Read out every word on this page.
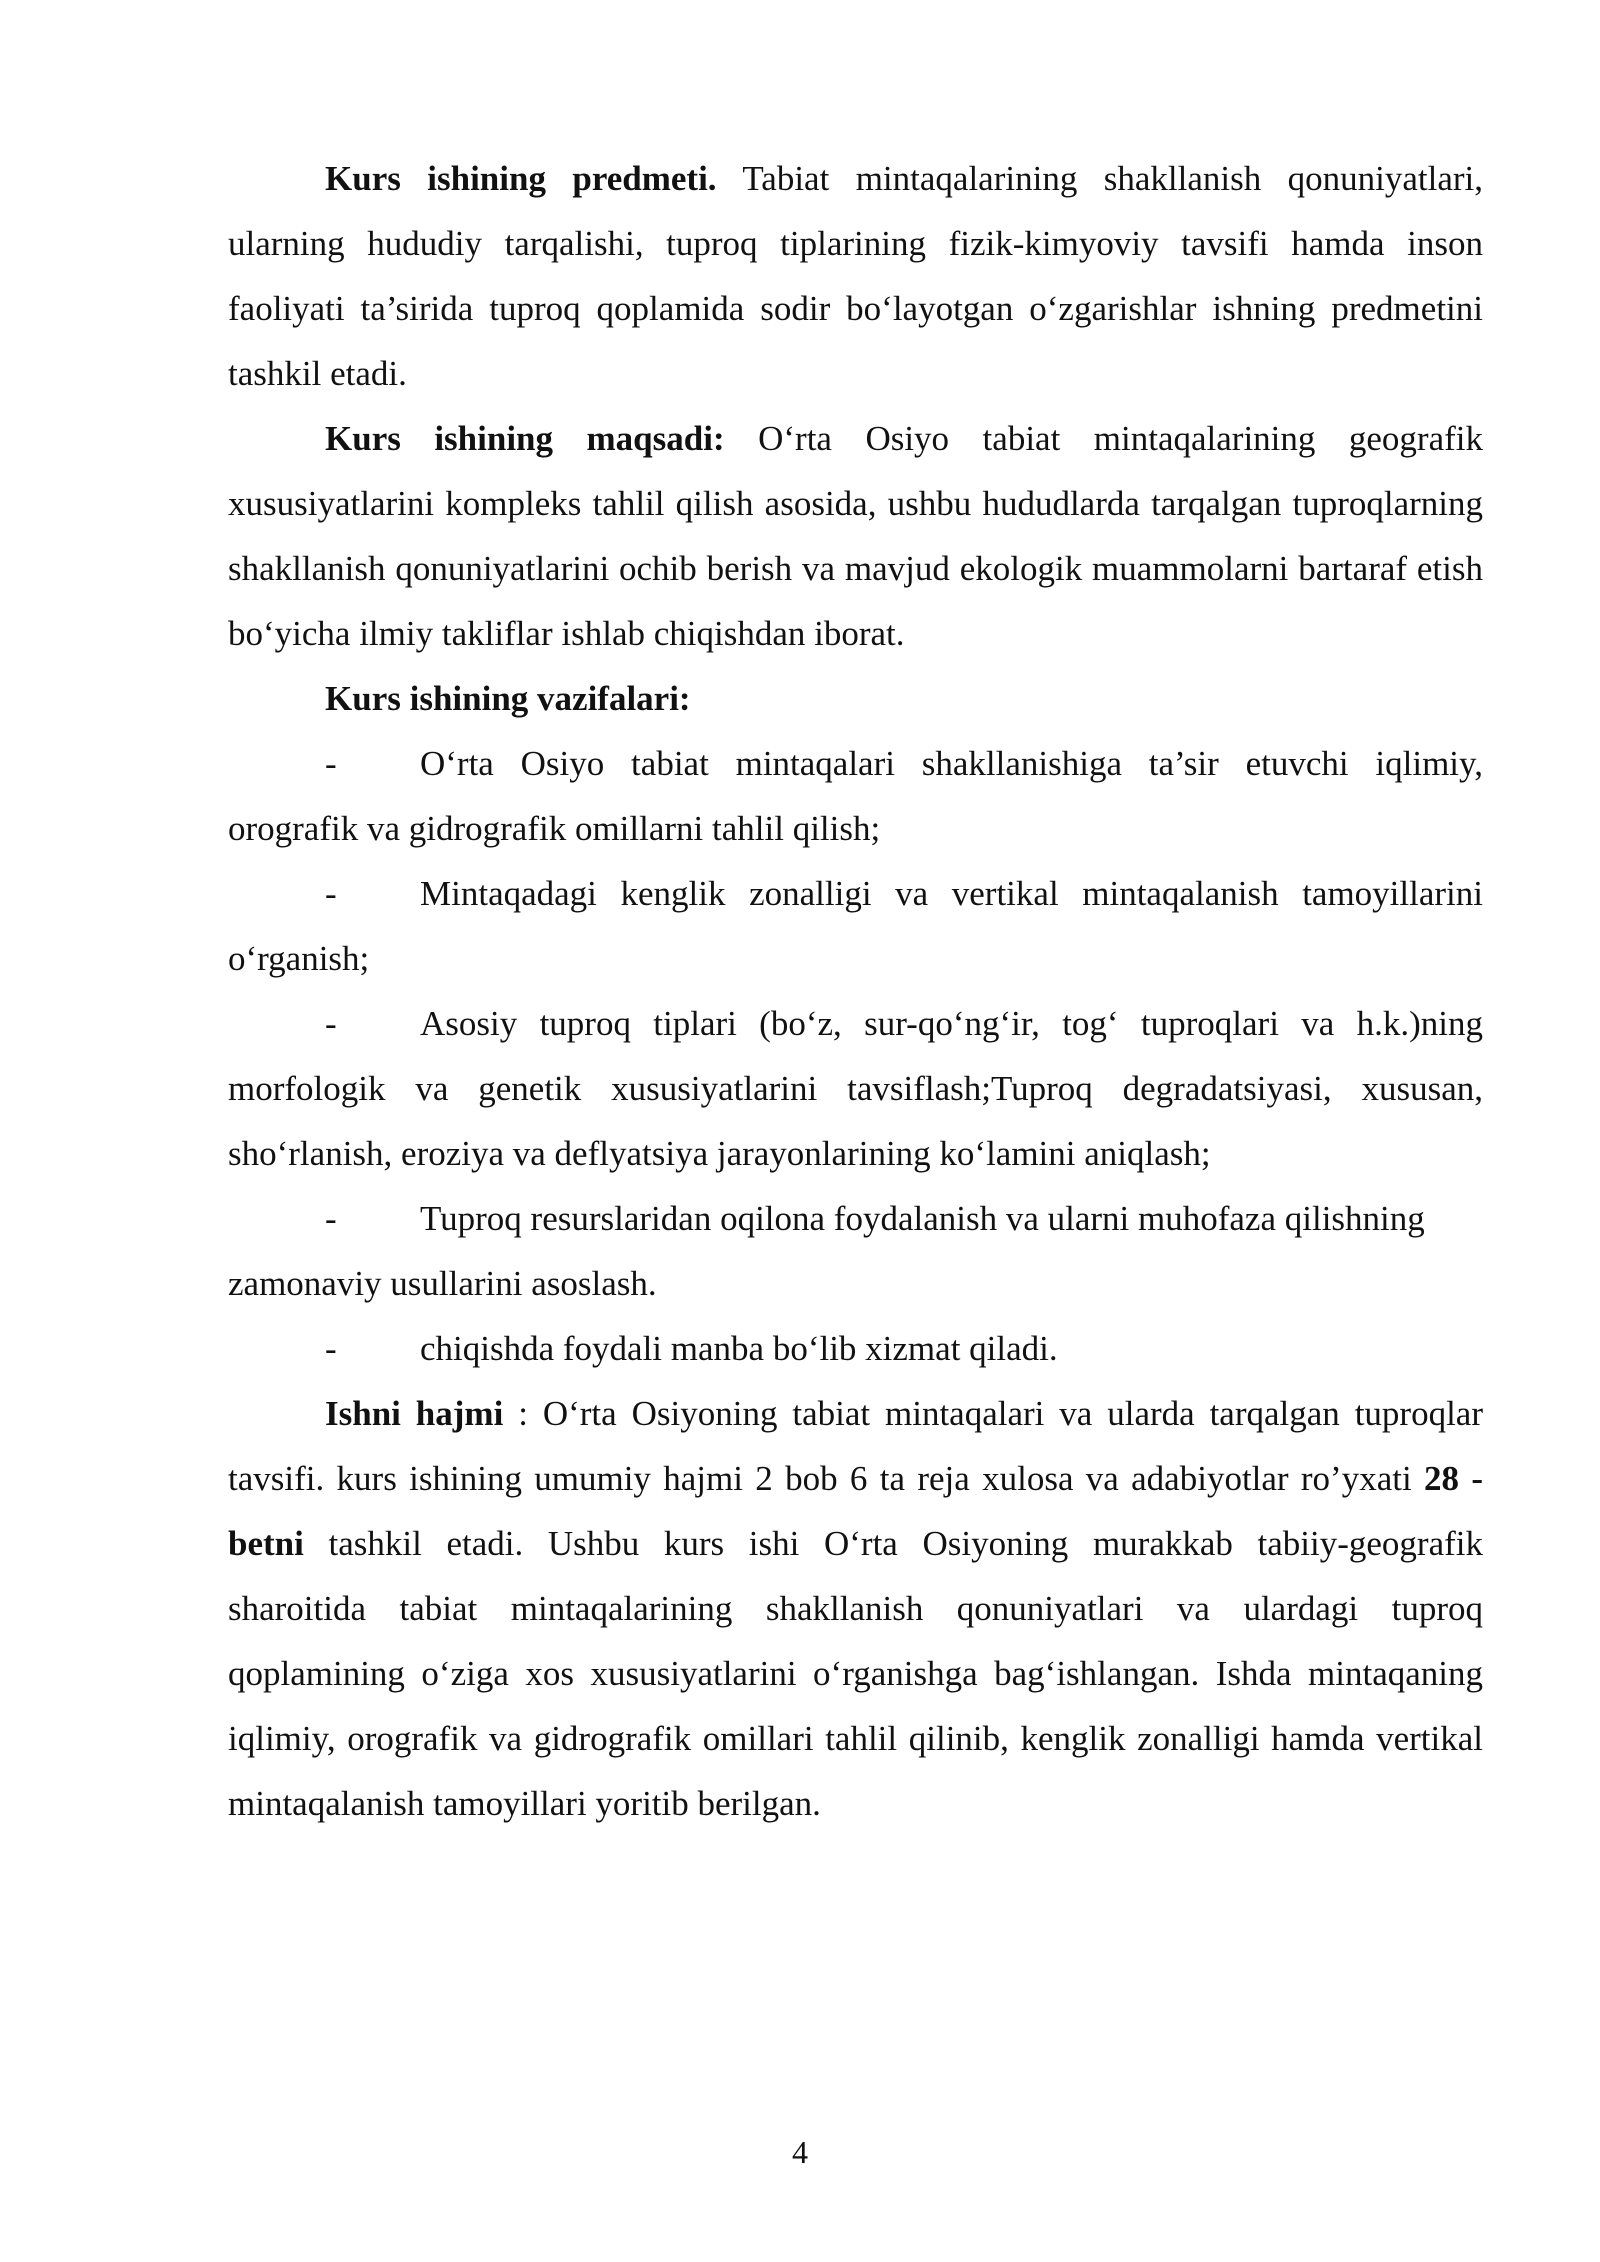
Kurs ishining predmeti. Tabiat mintaqalarining shakllanish qonuniyatlari, ularning hududiy tarqalishi, tuproq tiplarining fizik-kimyoviy tavsifi hamda inson faoliyati ta’sirida tuproq qoplamida sodir bo‘layotgan o‘zgarishlar ishning predmetini tashkil etadi.

Kurs ishining maqsadi: O‘rta Osiyo tabiat mintaqalarining geografik xususiyatlarini kompleks tahlil qilish asosida, ushbu hududlarda tarqalgan tuproqlarning shakllanish qonuniyatlarini ochib berish va mavjud ekologik muammolarni bartaraf etish bo‘yicha ilmiy takliflar ishlab chiqishdan iborat.

Kurs ishining vazifalari:

- O‘rta Osiyo tabiat mintaqalari shakllanishiga ta’sir etuvchi iqlimiy, orografik va gidrografik omillarni tahlil qilish;

- Mintaqadagi kenglik zonalligi va vertikal mintaqalanish tamoyillarini o‘rganish;

- Asosiy tuproq tiplari (bo‘z, sur-qo‘ng‘ir, tog‘ tuproqlari va h.k.)ning morfologik va genetik xususiyatlarini tavsiflash;Tuproq degradatsiyasi, xususan, sho‘rlanish, eroziya va deflyatsiya jarayonlarining ko‘lamini aniqlash;

- Tuproq resurslaridan oqilona foydalanish va ularni muhofaza qilishning zamonaviy usullarini asoslash.

- chiqishda foydali manba bo‘lib xizmat qiladi.

Ishni hajmi : O‘rta Osiyoning tabiat mintaqalari va ularda tarqalgan tuproqlar tavsifi. kurs ishining umumiy hajmi 2 bob 6 ta reja xulosa va adabiyotlar ro’yxati 28 -betni tashkil etadi. Ushbu kurs ishi O‘rta Osiyoning murakkab tabiiy-geografik sharoitida tabiat mintaqalarining shakllanish qonuniyatlari va ulardagi tuproq qoplamining o‘ziga xos xususiyatlarini o‘rganishga bag‘ishlangan. Ishda mintaqaning iqlimiy, orografik va gidrografik omillari tahlil qilinib, kenglik zonalligi hamda vertikal mintaqalanish tamoyillari yoritib berilgan.

4
